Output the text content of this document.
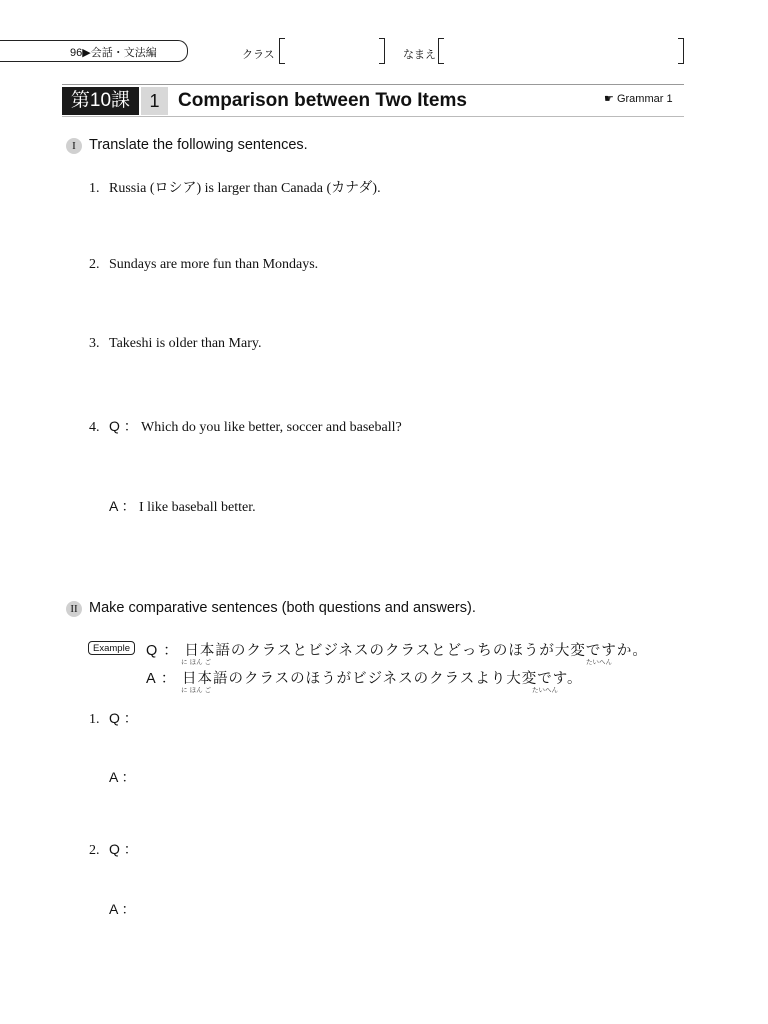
96▶会話・文法編	クラス	なまえ
第10課	1 Comparison between Two Items	☛ Grammar 1
I Translate the following sentences.
1. Russia (ロシア) is larger than Canada (カナダ).
2. Sundays are more fun than Mondays.
3. Takeshi is older than Mary.
4. Q ： Which do you like better, soccer and baseball?
A ： I like baseball better.
II Make comparative sentences (both questions and answers).
Example	Q ： 日本語のクラスとビジネスのクラスとどっちのほうが大変ですか。
に ほん ご	たいへん
A ： 日本語のクラスのほうがビジネスのクラスより大変です。
に ほん ご	たいへん
1. Q ：
A ：
2. Q ：
A ：
